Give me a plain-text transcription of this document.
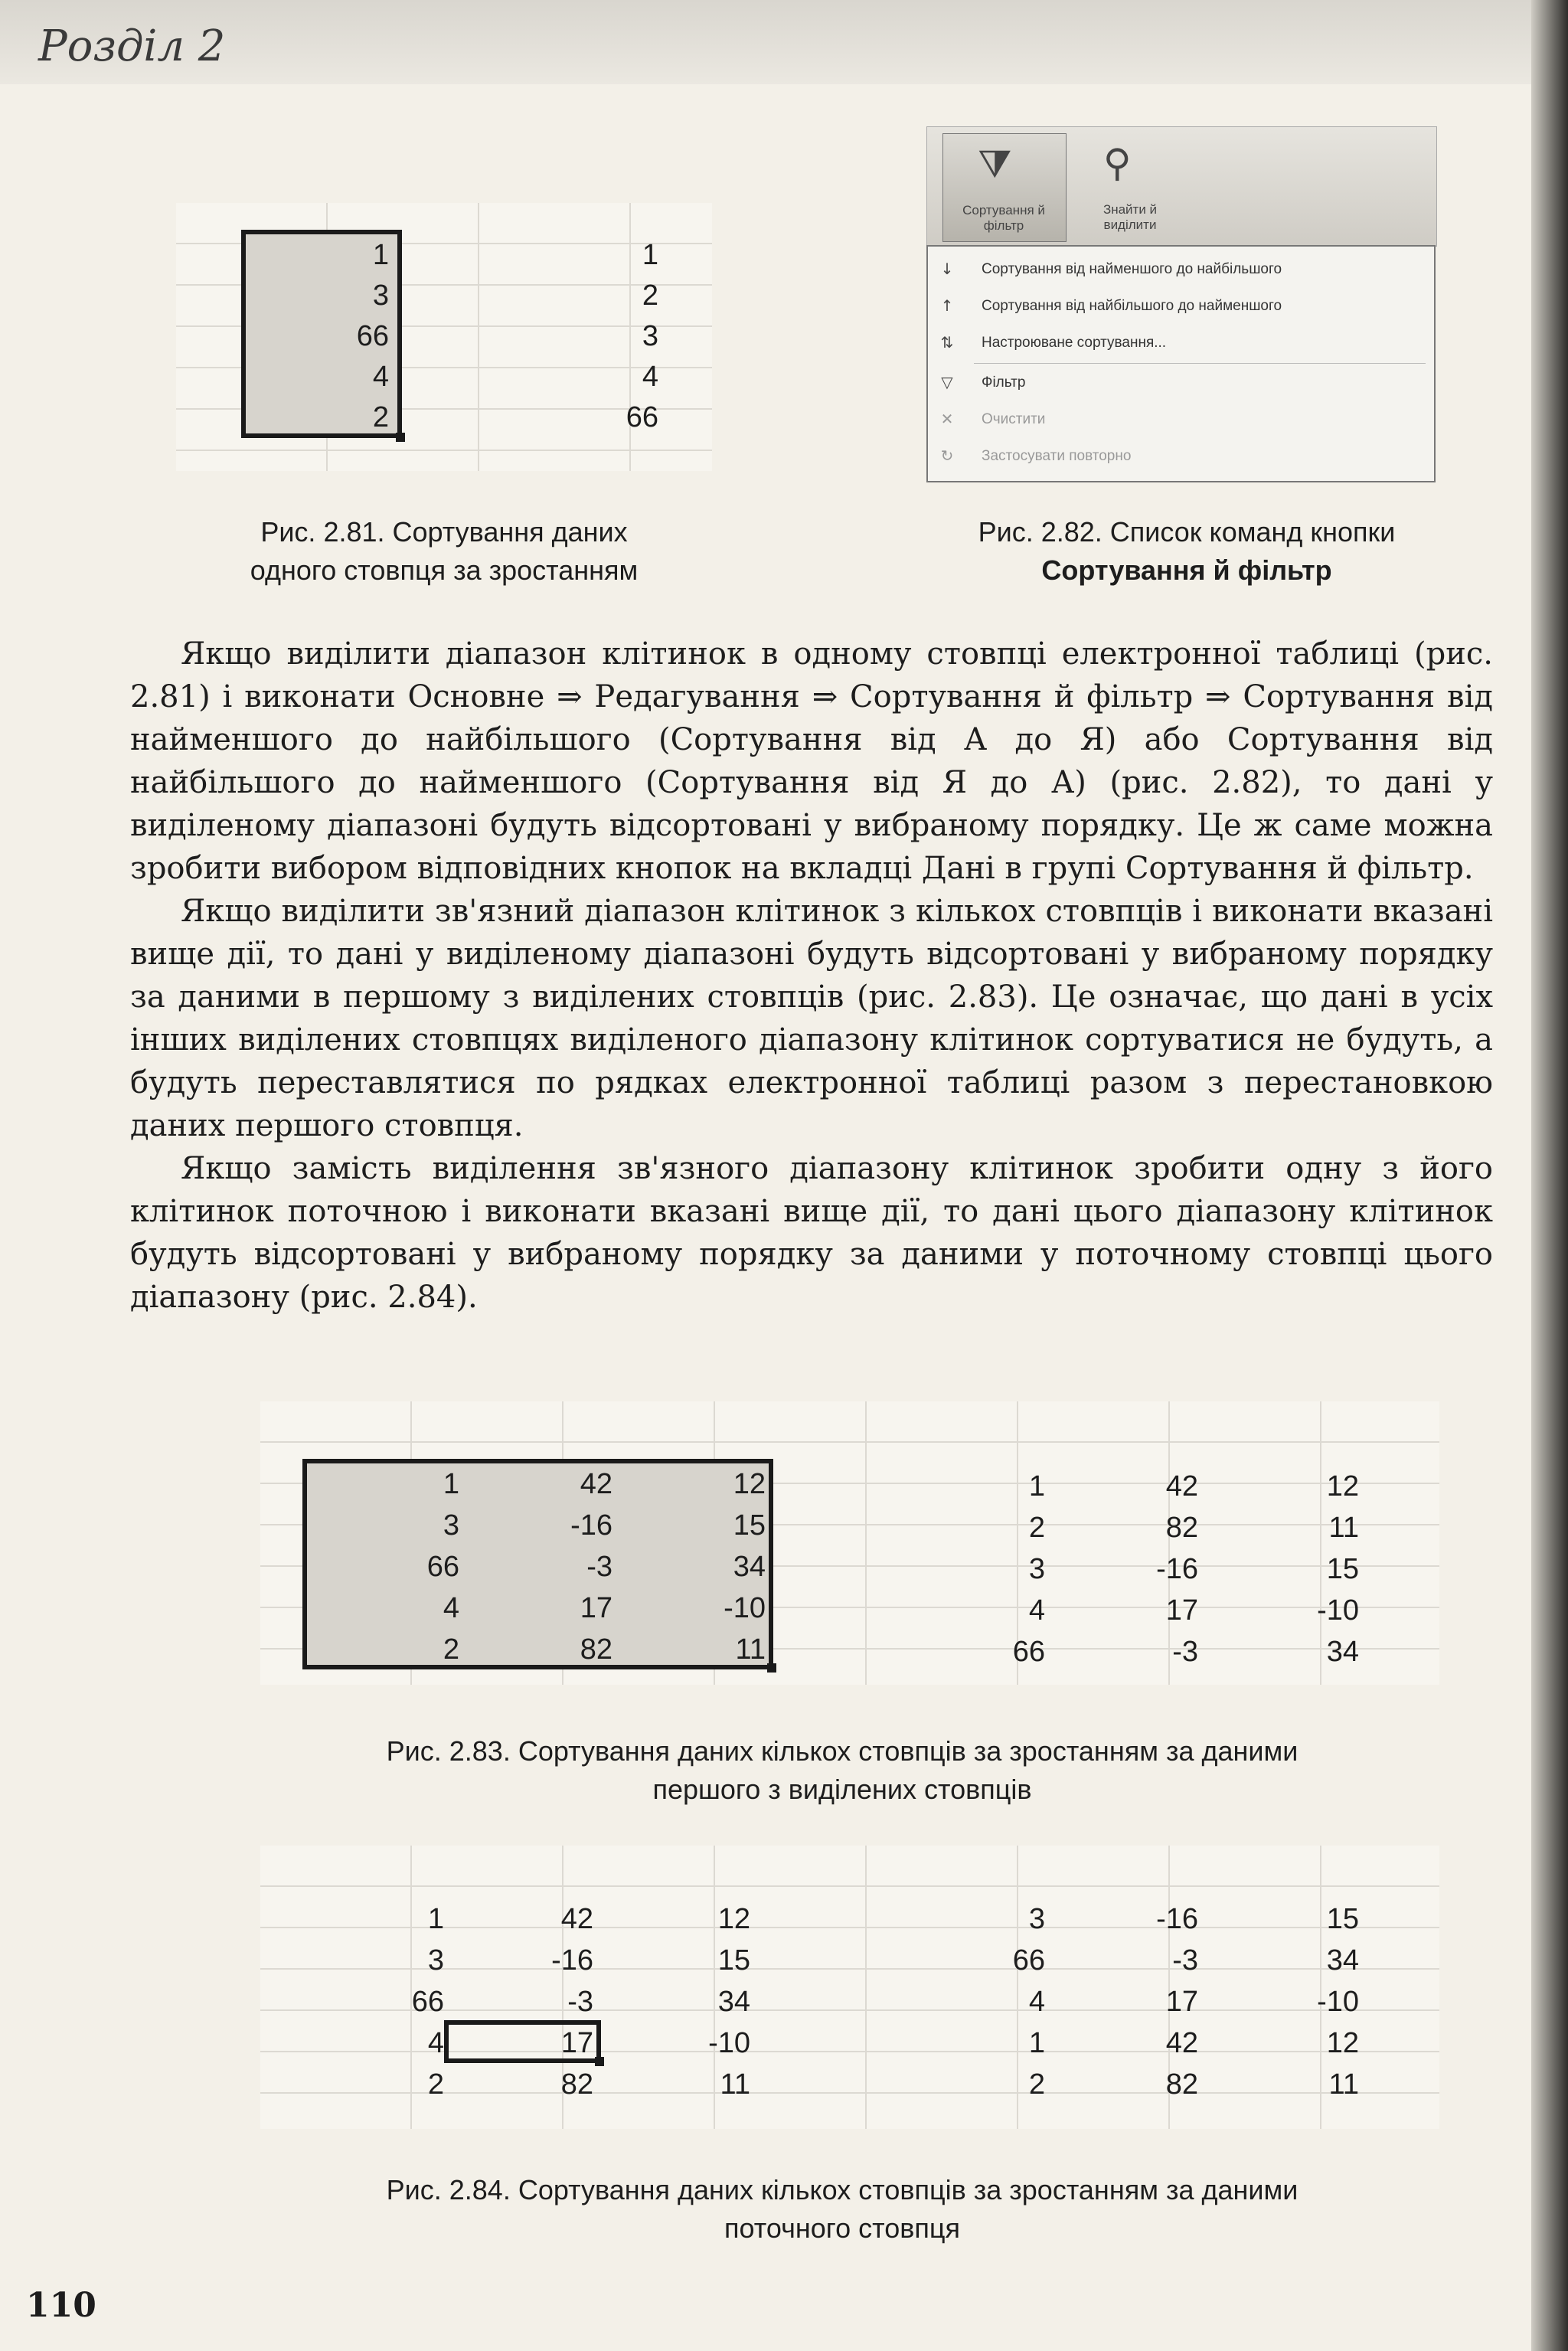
Розділ 2
1
3
66
4
2
1
2
3
4
66
Рис. 2.81. Сортування даних
одного стовпця за зростанням
⧩
Сортування й фільтр
⚲
Знайти й виділити
↓	Сортування від найменшого до найбільшого
↑	Сортування від найбільшого до найменшого
⇅	Настроюване сортування...
▽	Фільтр
✕	Очистити
↻	Застосувати повторно
Рис. 2.82. Список команд кнопки
Сортування й фільтр

Якщо виділити діапазон клітинок в одному стовпці електронної таблиці (рис. 2.81) і виконати Основне ⇒ Редагування ⇒ Сортування й фільтр ⇒ Сортування від найменшого до найбільшого (Сортування від А до Я) або Сортування від найбільшого до найменшого (Сортування від Я до А) (рис. 2.82), то дані у виділеному діапазоні будуть відсортовані у вибраному порядку. Це ж саме можна зробити вибором відповідних кнопок на вкладці Дані в групі Сортування й фільтр.

Якщо виділити зв'язний діапазон клітинок з кількох стовпців і виконати вказані вище дії, то дані у виділеному діапазоні будуть відсортовані у вибраному порядку за даними в першому з виділених стовпців (рис. 2.83). Це означає, що дані в усіх інших виділених стовпцях виділеного діапазону клітинок сортуватися не будуть, а будуть переставлятися по рядках електронної таблиці разом з перестановкою даних першого стовпця.

Якщо замість виділення зв'язного діапазону клітинок зробити одну з його клітинок поточною і виконати вказані вище дії, то дані цього діапазону клітинок будуть відсортовані у вибраному порядку за даними у поточному стовпці цього діапазону (рис. 2.84).

1	42	12
3	-16	15
66	-3	34
4	17	-10
2	82	11
1	42	12
2	82	11
3	-16	15
4	17	-10
66	-3	34
Рис. 2.83. Сортування даних кількох стовпців за зростанням за даними
першого з виділених стовпців
1	42	12
3	-16	15
66	-3	34
4	17	-10
2	82	11
3	-16	15
66	-3	34
4	17	-10
1	42	12
2	82	11
Рис. 2.84. Сортування даних кількох стовпців за зростанням за даними
поточного стовпця
110
